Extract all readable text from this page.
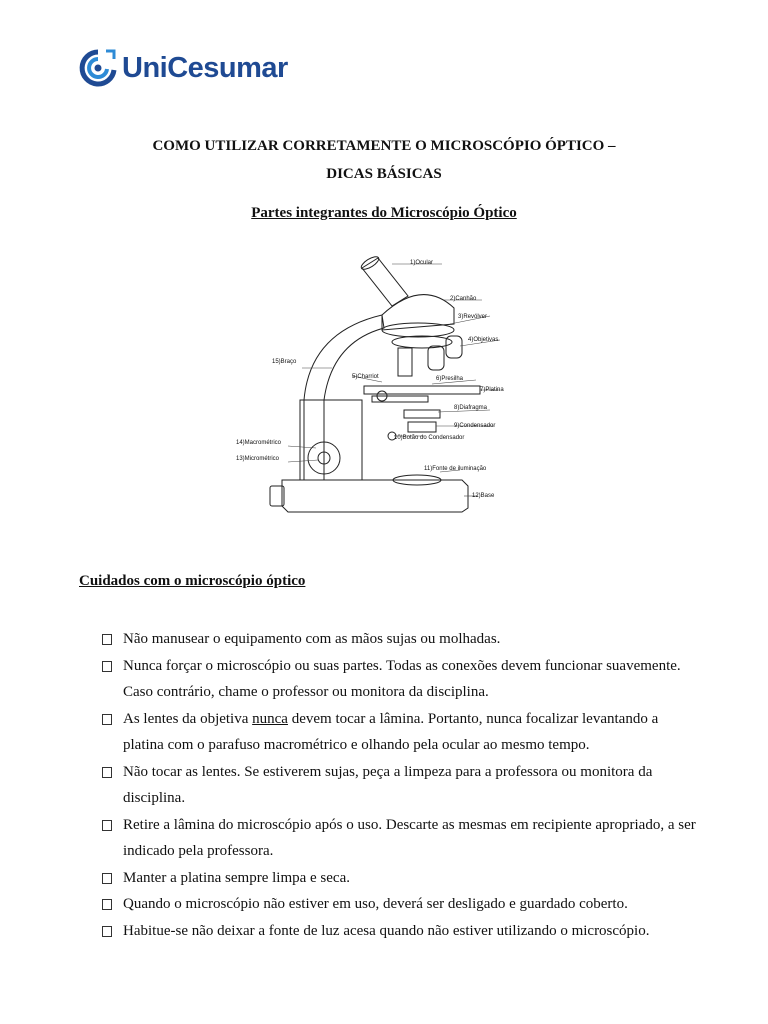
UniCesumar
COMO UTILIZAR CORRETAMENTE O MICROSCÓPIO ÓPTICO –
DICAS BÁSICAS
Partes integrantes do Microscópio Óptico
1)Ocular
2)Canhão
3)Revólver
4)Objetivas
5)Charriot	6)Presilha
7)Platina
8)Diafragma
9)Condensador
10)Botão do Condensador
11)Fonte de iluminação
12)Base
14)Macrométrico
13)Micrométrico
15)Braço
Cuidados com o microscópio óptico
Não manusear o equipamento com as mãos sujas ou molhadas.
Nunca forçar o microscópio ou suas partes. Todas as conexões devem funcionar suavemente.
Caso contrário, chame o professor ou monitora da disciplina.
As lentes da objetiva nunca devem tocar a lâmina. Portanto, nunca focalizar levantando a
platina com o parafuso macrométrico e olhando pela ocular ao mesmo tempo.
Não tocar as lentes. Se estiverem sujas, peça a limpeza para a professora ou monitora da
disciplina.
Retire a lâmina do microscópio após o uso. Descarte as mesmas em recipiente apropriado, a ser
indicado pela professora.
Manter a platina sempre limpa e seca.
Quando o microscópio não estiver em uso, deverá ser desligado e guardado coberto.
Habitue-se não deixar a fonte de luz acesa quando não estiver utilizando o microscópio.
